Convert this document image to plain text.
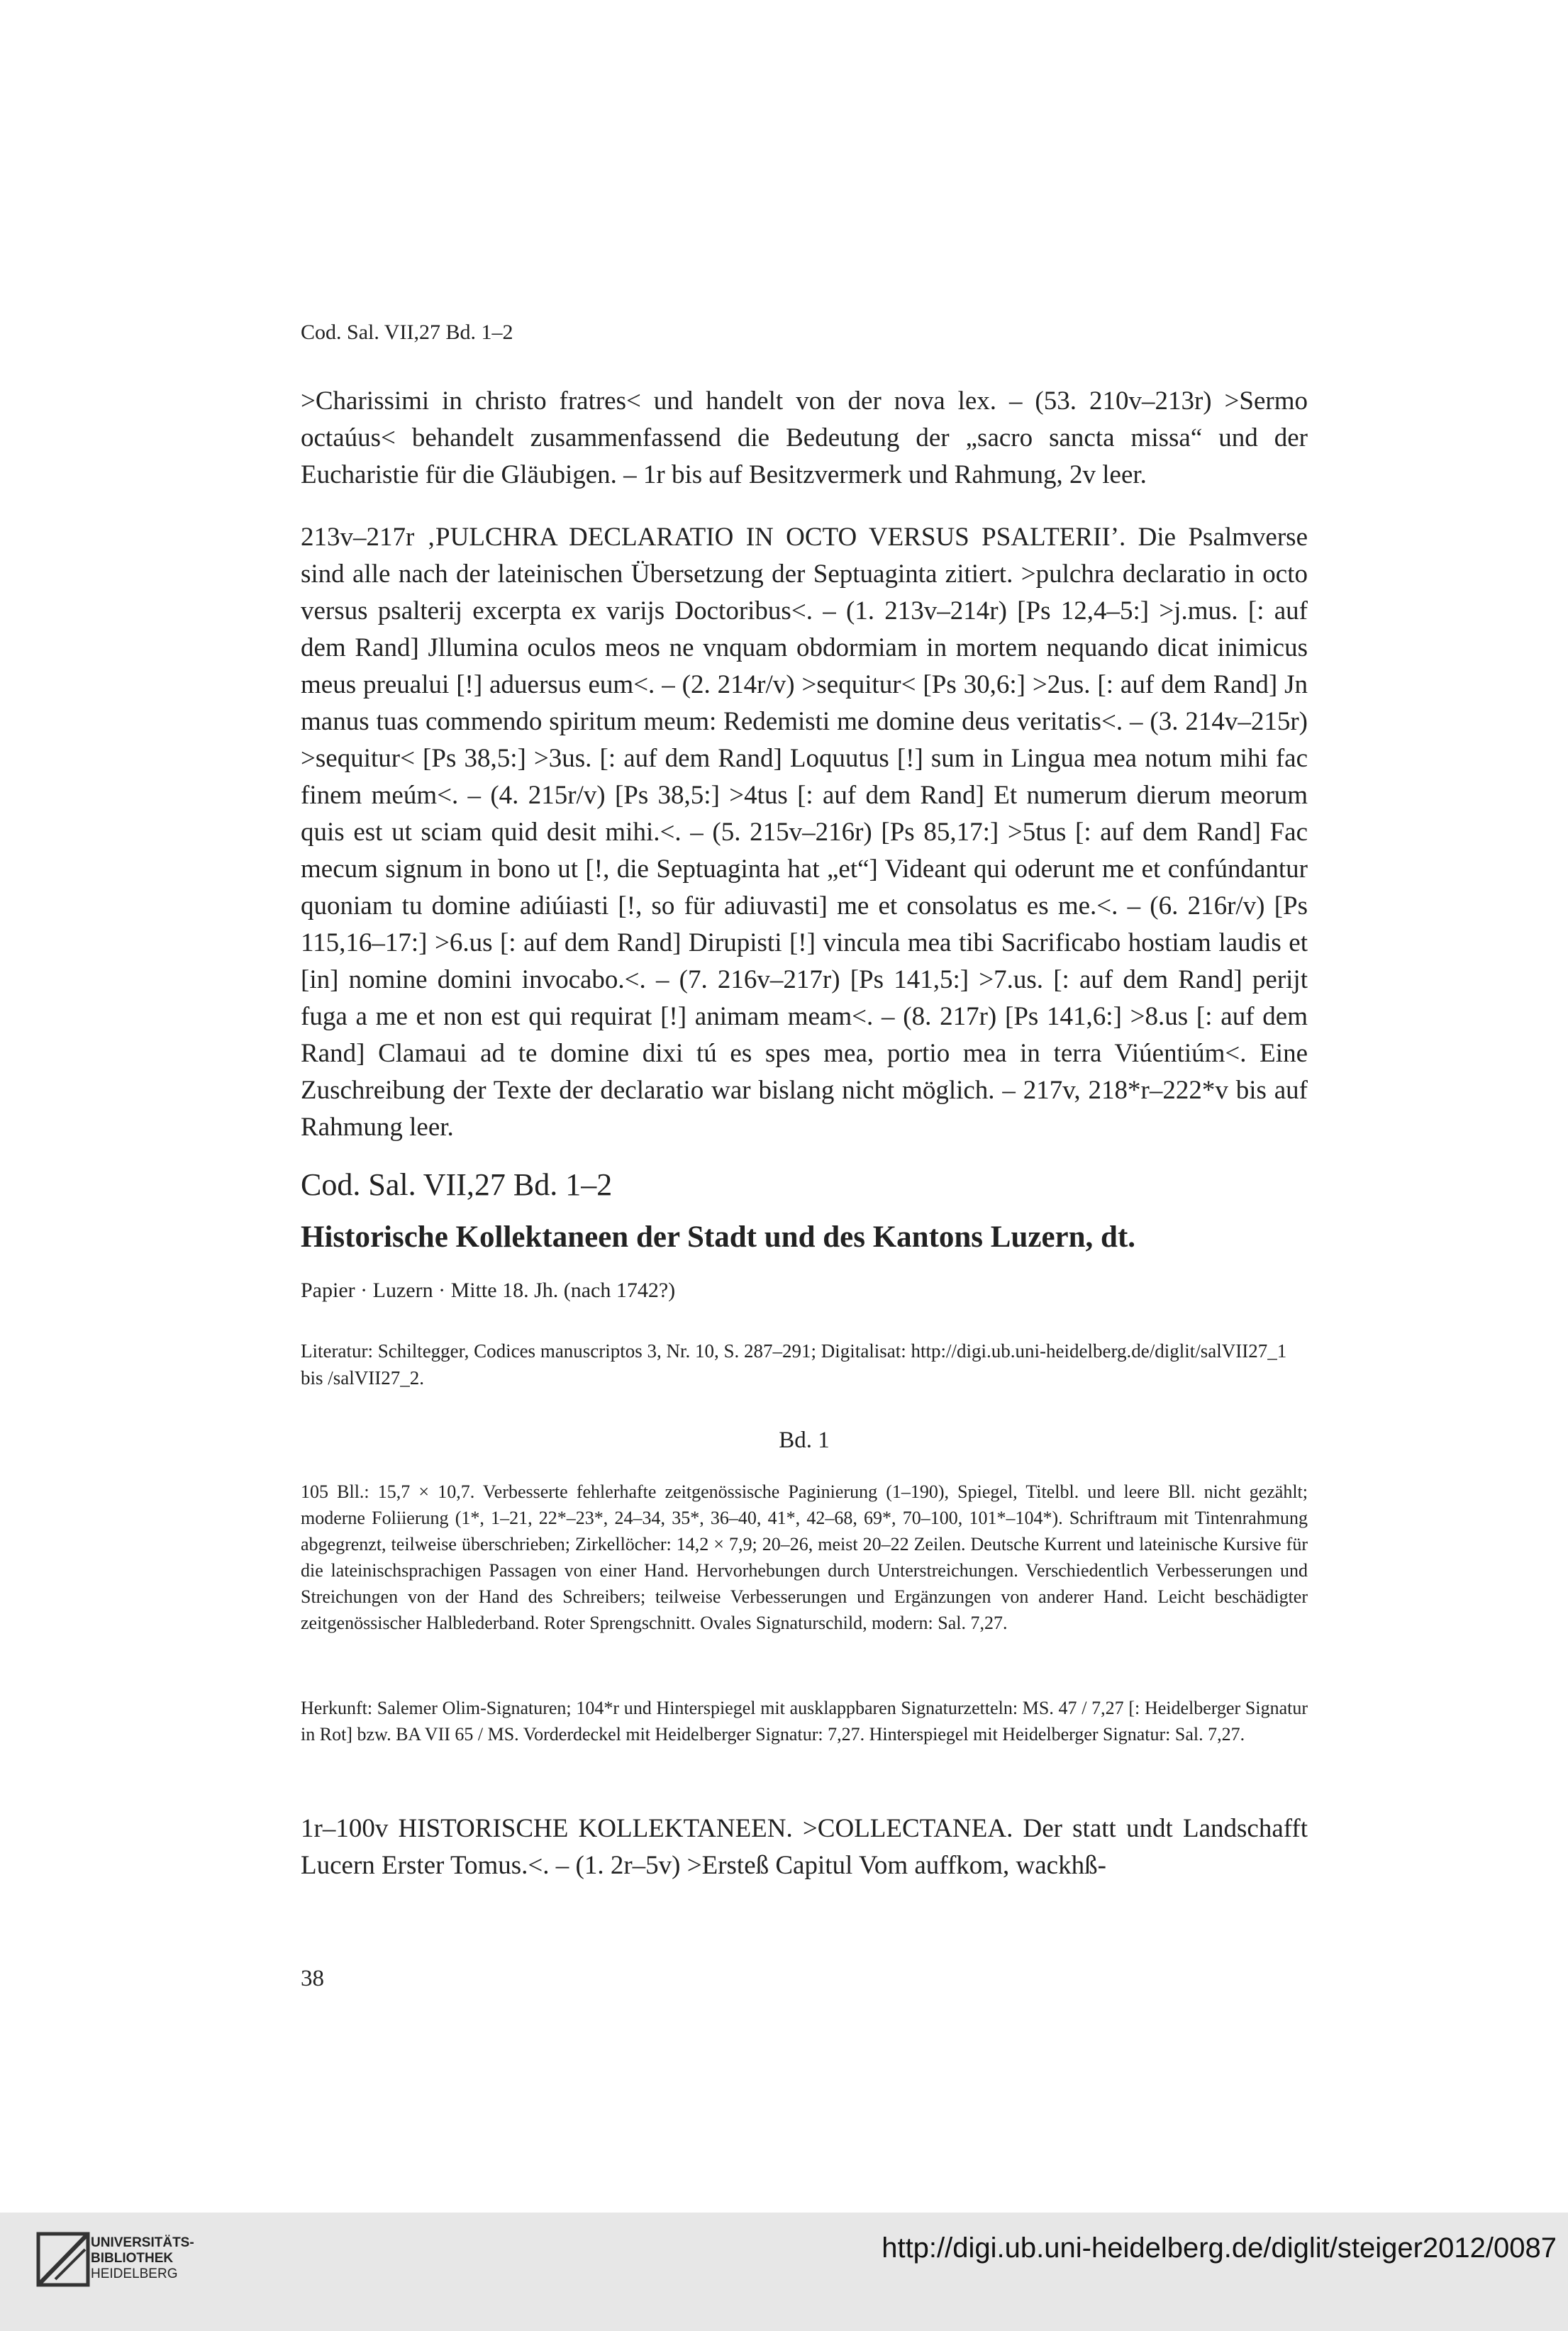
Cod. Sal. VII,27 Bd. 1–2
>Charissimi in christo fratres< und handelt von der nova lex. – (53. 210v–213r) >Sermo octaúus< behandelt zusammenfassend die Bedeutung der „sacro sancta missa“ und der Eucharistie für die Gläubigen. – 1r bis auf Besitzvermerk und Rahmung, 2v leer.
213v–217r ‚PULCHRA DECLARATIO IN OCTO VERSUS PSALTERII’. Die Psalmverse sind alle nach der lateinischen Übersetzung der Septuaginta zitiert. >pulchra declaratio in octo versus psalterij excerpta ex varijs Doctoribus<. – (1. 213v–214r) [Ps 12,4–5:] >j.mus. [: auf dem Rand] Jllumina oculos meos ne vnquam obdormiam in mortem nequando dicat inimicus meus preualui [!] aduersus eum<. – (2. 214r/v) >sequitur< [Ps 30,6:] >2us. [: auf dem Rand] Jn manus tuas commendo spiritum meum: Redemisti me domine deus veritatis<. – (3. 214v–215r) >sequitur< [Ps 38,5:] >3us. [: auf dem Rand] Loquutus [!] sum in Lingua mea notum mihi fac finem meúm<. – (4. 215r/v) [Ps 38,5:] >4tus [: auf dem Rand] Et numerum dierum meorum quis est ut sciam quid desit mihi.<. – (5. 215v–216r) [Ps 85,17:] >5tus [: auf dem Rand] Fac mecum signum in bono ut [!, die Septuaginta hat „et“] Videant qui oderunt me et confúndantur quoniam tu domine adiúiasti [!, so für adiuvasti] me et consolatus es me.<. – (6. 216r/v) [Ps 115,16–17:] >6.us [: auf dem Rand] Dirupisti [!] vincula mea tibi Sacrificabo hostiam laudis et [in] nomine domini invocabo.<. – (7. 216v–217r) [Ps 141,5:] >7.us. [: auf dem Rand] perijt fuga a me et non est qui requirat [!] animam meam<. – (8. 217r) [Ps 141,6:] >8.us [: auf dem Rand] Clamaui ad te domine dixi tú es spes mea, portio mea in terra Viúentiúm<. Eine Zuschreibung der Texte der declaratio war bislang nicht möglich. – 217v, 218*r–222*v bis auf Rahmung leer.
Cod. Sal. VII,27 Bd. 1–2
Historische Kollektaneen der Stadt und des Kantons Luzern, dt.
Papier · Luzern · Mitte 18. Jh. (nach 1742?)
Literatur: Schiltegger, Codices manuscriptos 3, Nr. 10, S. 287–291; Digitalisat: http://digi.ub.uni-heidelberg.de/diglit/salVII27_1 bis /salVII27_2.
Bd. 1
105 Bll.: 15,7 × 10,7. Verbesserte fehlerhafte zeitgenössische Paginierung (1–190), Spiegel, Titelbl. und leere Bll. nicht gezählt; moderne Foliierung (1*, 1–21, 22*–23*, 24–34, 35*, 36–40, 41*, 42–68, 69*, 70–100, 101*–104*). Schriftraum mit Tintenrahmung abgegrenzt, teilweise überschrieben; Zirkellöcher: 14,2 × 7,9; 20–26, meist 20–22 Zeilen. Deutsche Kurrent und lateinische Kursive für die lateinischsprachigen Passagen von einer Hand. Hervorhebungen durch Unterstreichungen. Verschiedentlich Verbesserungen und Streichungen von der Hand des Schreibers; teilweise Verbesserungen und Ergänzungen von anderer Hand. Leicht beschädigter zeitgenössischer Halblederband. Roter Sprengschnitt. Ovales Signaturschild, modern: Sal. 7,27.
Herkunft: Salemer Olim-Signaturen; 104*r und Hinterspiegel mit ausklappbaren Signaturzetteln: MS. 47 / 7,27 [: Heidelberger Signatur in Rot] bzw. BA VII 65 / MS. Vorderdeckel mit Heidelberger Signatur: 7,27. Hinterspiegel mit Heidelberger Signatur: Sal. 7,27.
1r–100v HISTORISCHE KOLLEKTANEEN. >COLLECTANEA. Der statt undt Landschafft Lucern Erster Tomus.<. – (1. 2r–5v) >Ersteß Capitul Vom auffkom, wackhß-
38
UNIVERSITÄTS-
BIBLIOTHEK
HEIDELBERG
http://digi.ub.uni-heidelberg.de/diglit/steiger2012/0087
